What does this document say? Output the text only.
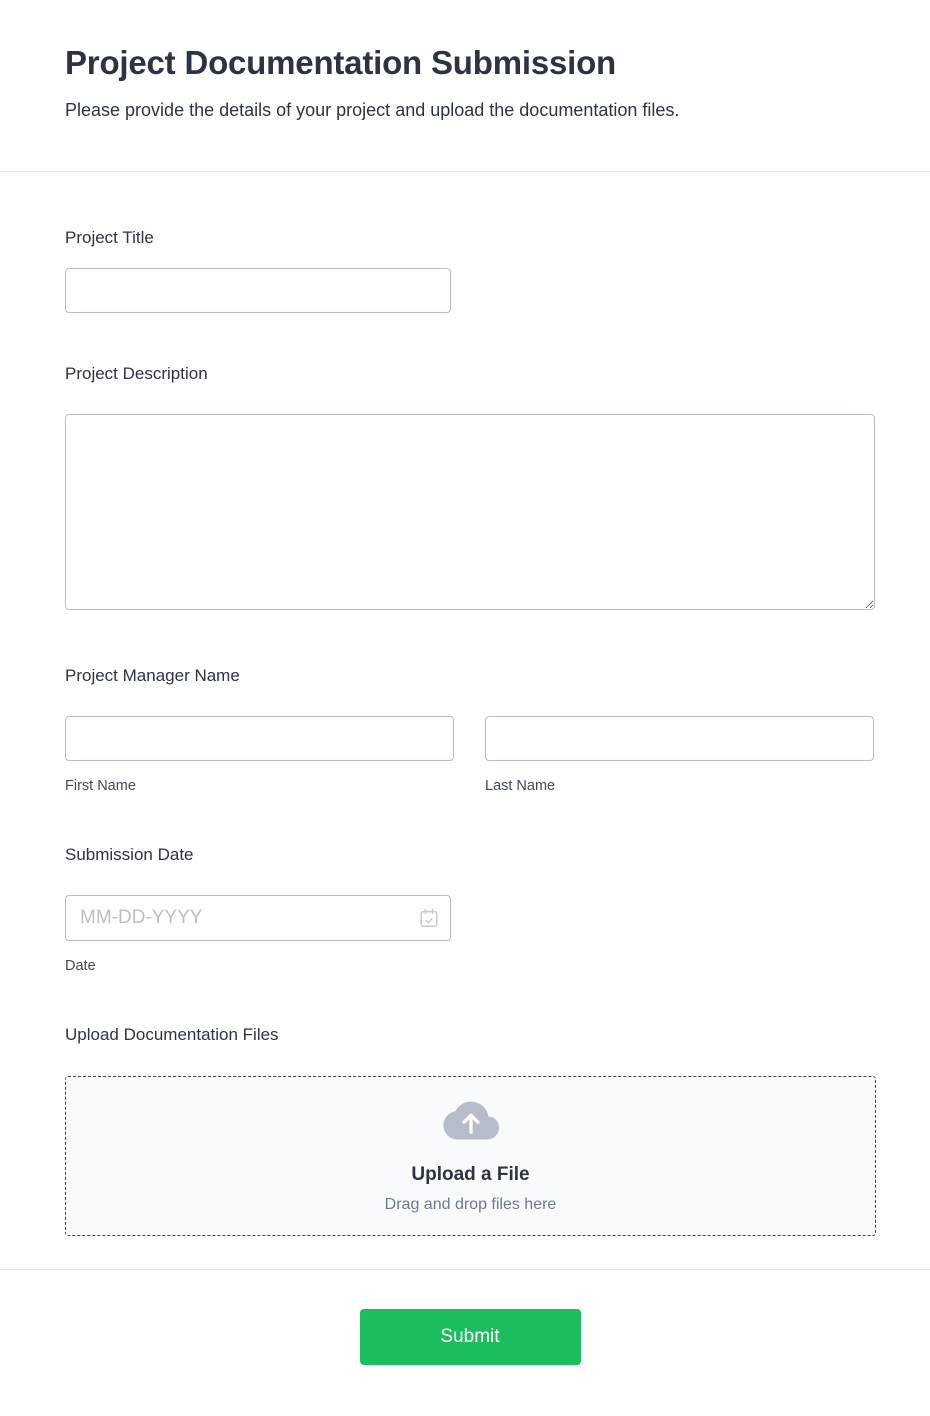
Project Documentation Submission

Please provide the details of your project and upload the documentation files.

Project Title
Project Description
Project Manager Name
First Name	Last Name
Submission Date
MM-DD-YYYY
Date
Upload Documentation Files
Upload a File
Drag and drop files here
Submit
